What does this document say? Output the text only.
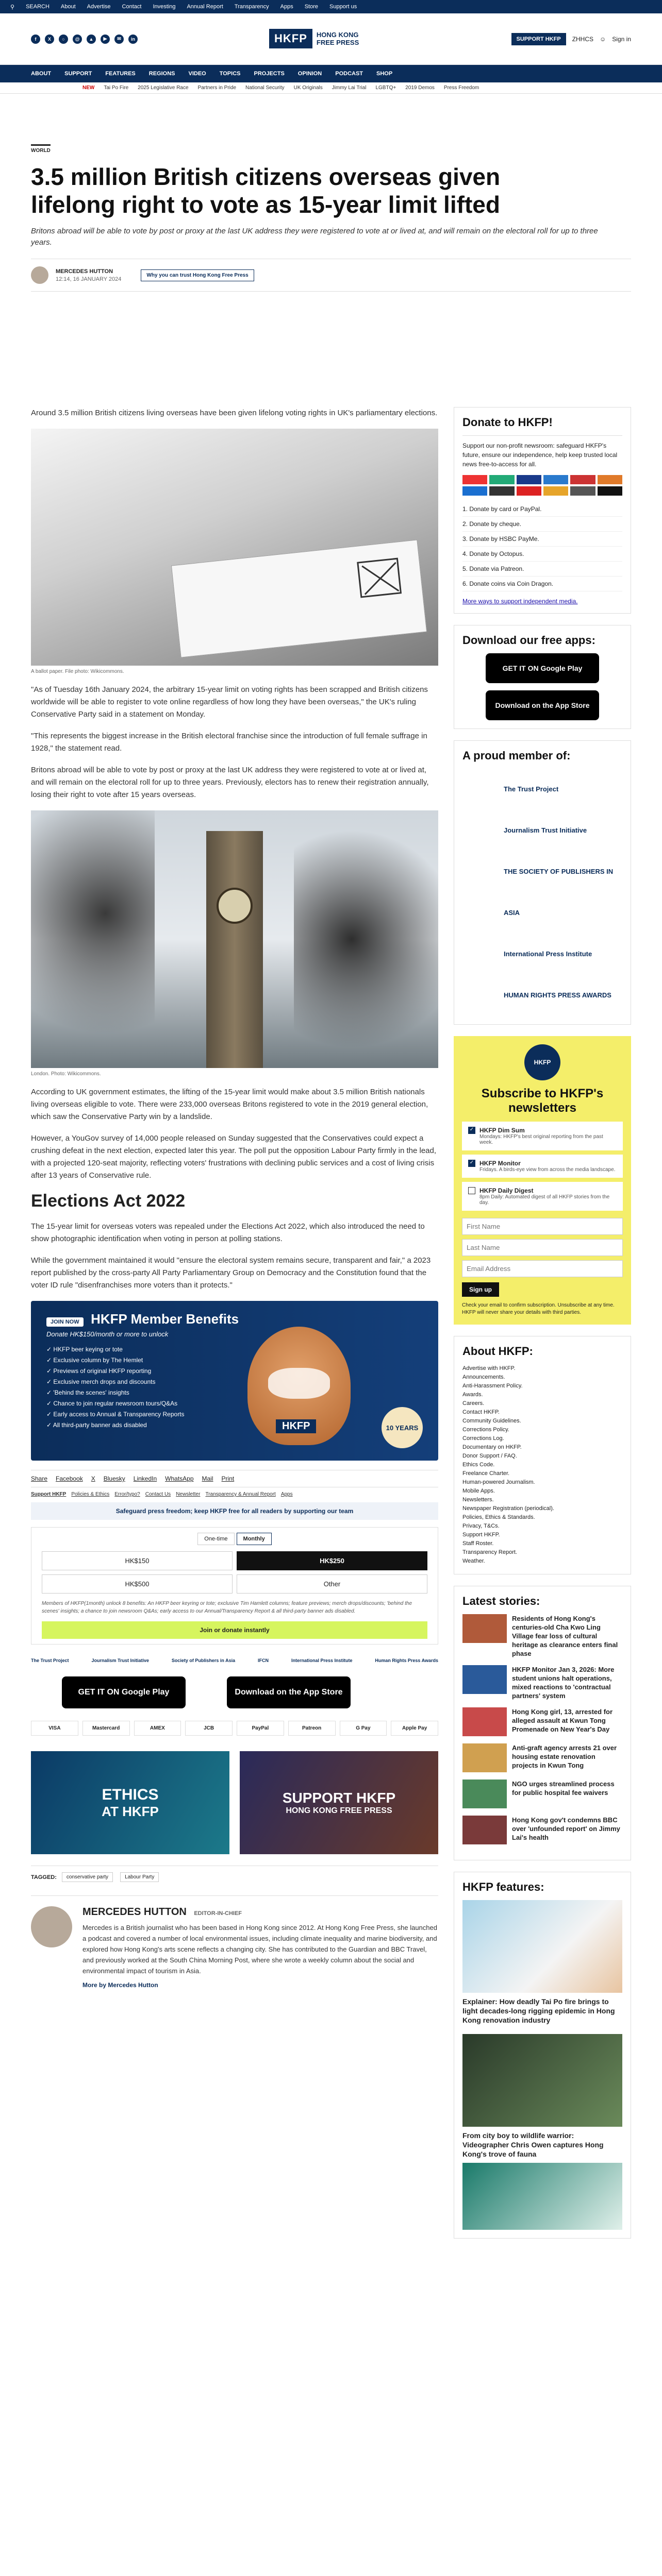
⚲ SEARCH About Advertise Contact Investing Annual Report Transparency Apps Store Support us
f	X	○	@	▲	▶	✉	in	HKFP	HONG KONG
FREE PRESS	SUPPORT HKFP	ZHHCS ☺ Sign in
ABOUT SUPPORT FEATURES REGIONS VIDEO TOPICS PROJECTS OPINION PODCAST SHOP
NEW Tai Po Fire 2025 Legislative Race Partners in Pride National Security UK Originals Jimmy Lai Trial LGBTQ+ 2019 Demos Press Freedom
WORLD
3.5 million British citizens overseas given lifelong right to vote as 15-year limit lifted
Britons abroad will be able to vote by post or proxy at the last UK address they were registered to vote at or lived at, and will remain on the electoral roll for up to three years.
MERCEDES HUTTON
12:14, 16 JANUARY 2024
Why you can trust Hong Kong Free Press

Around 3.5 million British citizens living overseas have been given lifelong voting rights in UK's parliamentary elections.

A ballot paper. File photo: Wikicommons.

"As of Tuesday 16th January 2024, the arbitrary 15-year limit on voting rights has been scrapped and British citizens worldwide will be able to register to vote online regardless of how long they have been overseas," the UK's ruling Conservative Party said in a statement on Monday.

"This represents the biggest increase in the British electoral franchise since the introduction of full female suffrage in 1928," the statement read.

Britons abroad will be able to vote by post or proxy at the last UK address they were registered to vote at or lived at, and will remain on the electoral roll for up to three years. Previously, electors has to renew their registration annually, losing their right to vote after 15 years overseas.

London. Photo: Wikicommons.

According to UK government estimates, the lifting of the 15-year limit would make about 3.5 million British nationals living overseas eligible to vote. There were 233,000 overseas Britons registered to vote in the 2019 general election, which saw the Conservative Party win by a landslide.

However, a YouGov survey of 14,000 people released on Sunday suggested that the Conservatives could expect a crushing defeat in the next election, expected later this year. The poll put the opposition Labour Party firmly in the lead, with a projected 120-seat majority, reflecting voters' frustrations with declining public services and a cost of living crisis after 13 years of Conservative rule.

Elections Act 2022

The 15-year limit for overseas voters was repealed under the Elections Act 2022, which also introduced the need to show photographic identification when voting in person at polling stations.

While the government maintained it would "ensure the electoral system remains secure, transparent and fair," a 2023 report published by the cross-party All Party Parliamentary Group on Democracy and the Constitution found that the voter ID rule "disenfranchises more voters than it protects."

JOIN NOW HKFP Member Benefits
Donate HK$150/month or more to unlock
✓ HKFP beer keying or tote
✓ Exclusive column by The Hemlet
✓ Previews of original HKFP reporting
✓ Exclusive merch drops and discounts
✓ 'Behind the scenes' insights
✓ Chance to join regular newsroom tours/Q&As
✓ Early access to Annual & Transparency Reports
✓ All third-party banner ads disabled	HKFP	10 YEARS
Share Facebook X Bluesky LinkedIn WhatsApp Mail Print
Support HKFP Policies & Ethics Error/typo? Contact Us Newsletter Transparency & Annual Report Apps
Safeguard press freedom; keep HKFP free for all readers by supporting our team
One-time	Monthly
HK$150	HK$250
HK$500	Other
Members of HKFP(1month) unlock 8 benefits: An HKFP beer keyring or tote; exclusive Tim Hamlett columns; feature previews; merch drops/discounts; 'behind the scenes' insights; a chance to join newsroom Q&As; early access to our Annual/Transparency Report & all third-party banner ads disabled.
Join or donate instantly
The Trust Project	Journalism Trust Initiative	Society of Publishers in Asia	IFCN	International Press Institute	Human Rights Press Awards
GET IT ON Google Play	Download on the App Store
VISA	Mastercard	AMEX	JCB	PayPal	Patreon	G Pay	Apple Pay
ETHICS
AT HKFP
SUPPORT HKFP
HONG KONG FREE PRESS
TAGGED:	conservative party	Labour Party
MERCEDES HUTTON EDITOR-IN-CHIEF

Mercedes is a British journalist who has been based in Hong Kong since 2012. At Hong Kong Free Press, she launched a podcast and covered a number of local environmental issues, including climate inequality and marine biodiversity, and explored how Hong Kong's arts scene reflects a changing city. She has contributed to the Guardian and BBC Travel, and previously worked at the South China Morning Post, where she wrote a weekly column about the social and environmental impact of tourism in Asia.

More by Mercedes Hutton
Donate to HKFP!
Support our non-profit newsroom: safeguard HKFP's future, ensure our independence, help keep trusted local news free-to-access for all.
1. Donate by card or PayPal.
2. Donate by cheque.
3. Donate by HSBC PayMe.
4. Donate by Octopus.
5. Donate via Patreon.
6. Donate coins via Coin Dragon.
More ways to support independent media.
Download our free apps:
GET IT ON Google Play
Download on the App Store
A proud member of:
The Trust Project
Journalism Trust Initiative
THE SOCIETY OF PUBLISHERS IN ASIA
International Press Institute
HUMAN RIGHTS PRESS AWARDS
HKFP
Subscribe to HKFP's newsletters
✓ HKFP Dim Sum
Mondays: HKFP's best original reporting from the past week.
✓ HKFP Monitor
Fridays. A birds-eye view from across the media landscape.
HKFP Daily Digest
8pm Daily: Automated digest of all HKFP stories from the day.
First Name Last Name Email Address Sign up
Check your email to confirm subscription. Unsubscribe at any time. HKFP will never share your details with third parties.
About HKFP:
Advertise with HKFP.
Announcements.
Anti-Harassment Policy.
Awards.
Careers.
Contact HKFP.
Community Guidelines.
Corrections Policy.
Corrections Log.
Documentary on HKFP.
Donor Support / FAQ.
Ethics Code.
Freelance Charter.
Human-powered Journalism.
Mobile Apps.
Newsletters.
Newspaper Registration (periodical).
Policies, Ethics & Standards.
Privacy, T&Cs.
Support HKFP.
Staff Roster.
Transparency Report.
Weather.
Latest stories:
Residents of Hong Kong's centuries-old Cha Kwo Ling Village fear loss of cultural heritage as clearance enters final phase
HKFP Monitor Jan 3, 2026: More student unions halt operations, mixed reactions to 'contractual partners' system
Hong Kong girl, 13, arrested for alleged assault at Kwun Tong Promenade on New Year's Day
Anti-graft agency arrests 21 over housing estate renovation projects in Kwun Tong
NGO urges streamlined process for public hospital fee waivers
Hong Kong gov't condemns BBC over 'unfounded report' on Jimmy Lai's health
HKFP features:
Explainer: How deadly Tai Po fire brings to light decades-long rigging epidemic in Hong Kong renovation industry
From city boy to wildlife warrior: Videographer Chris Owen captures Hong Kong's trove of fauna
